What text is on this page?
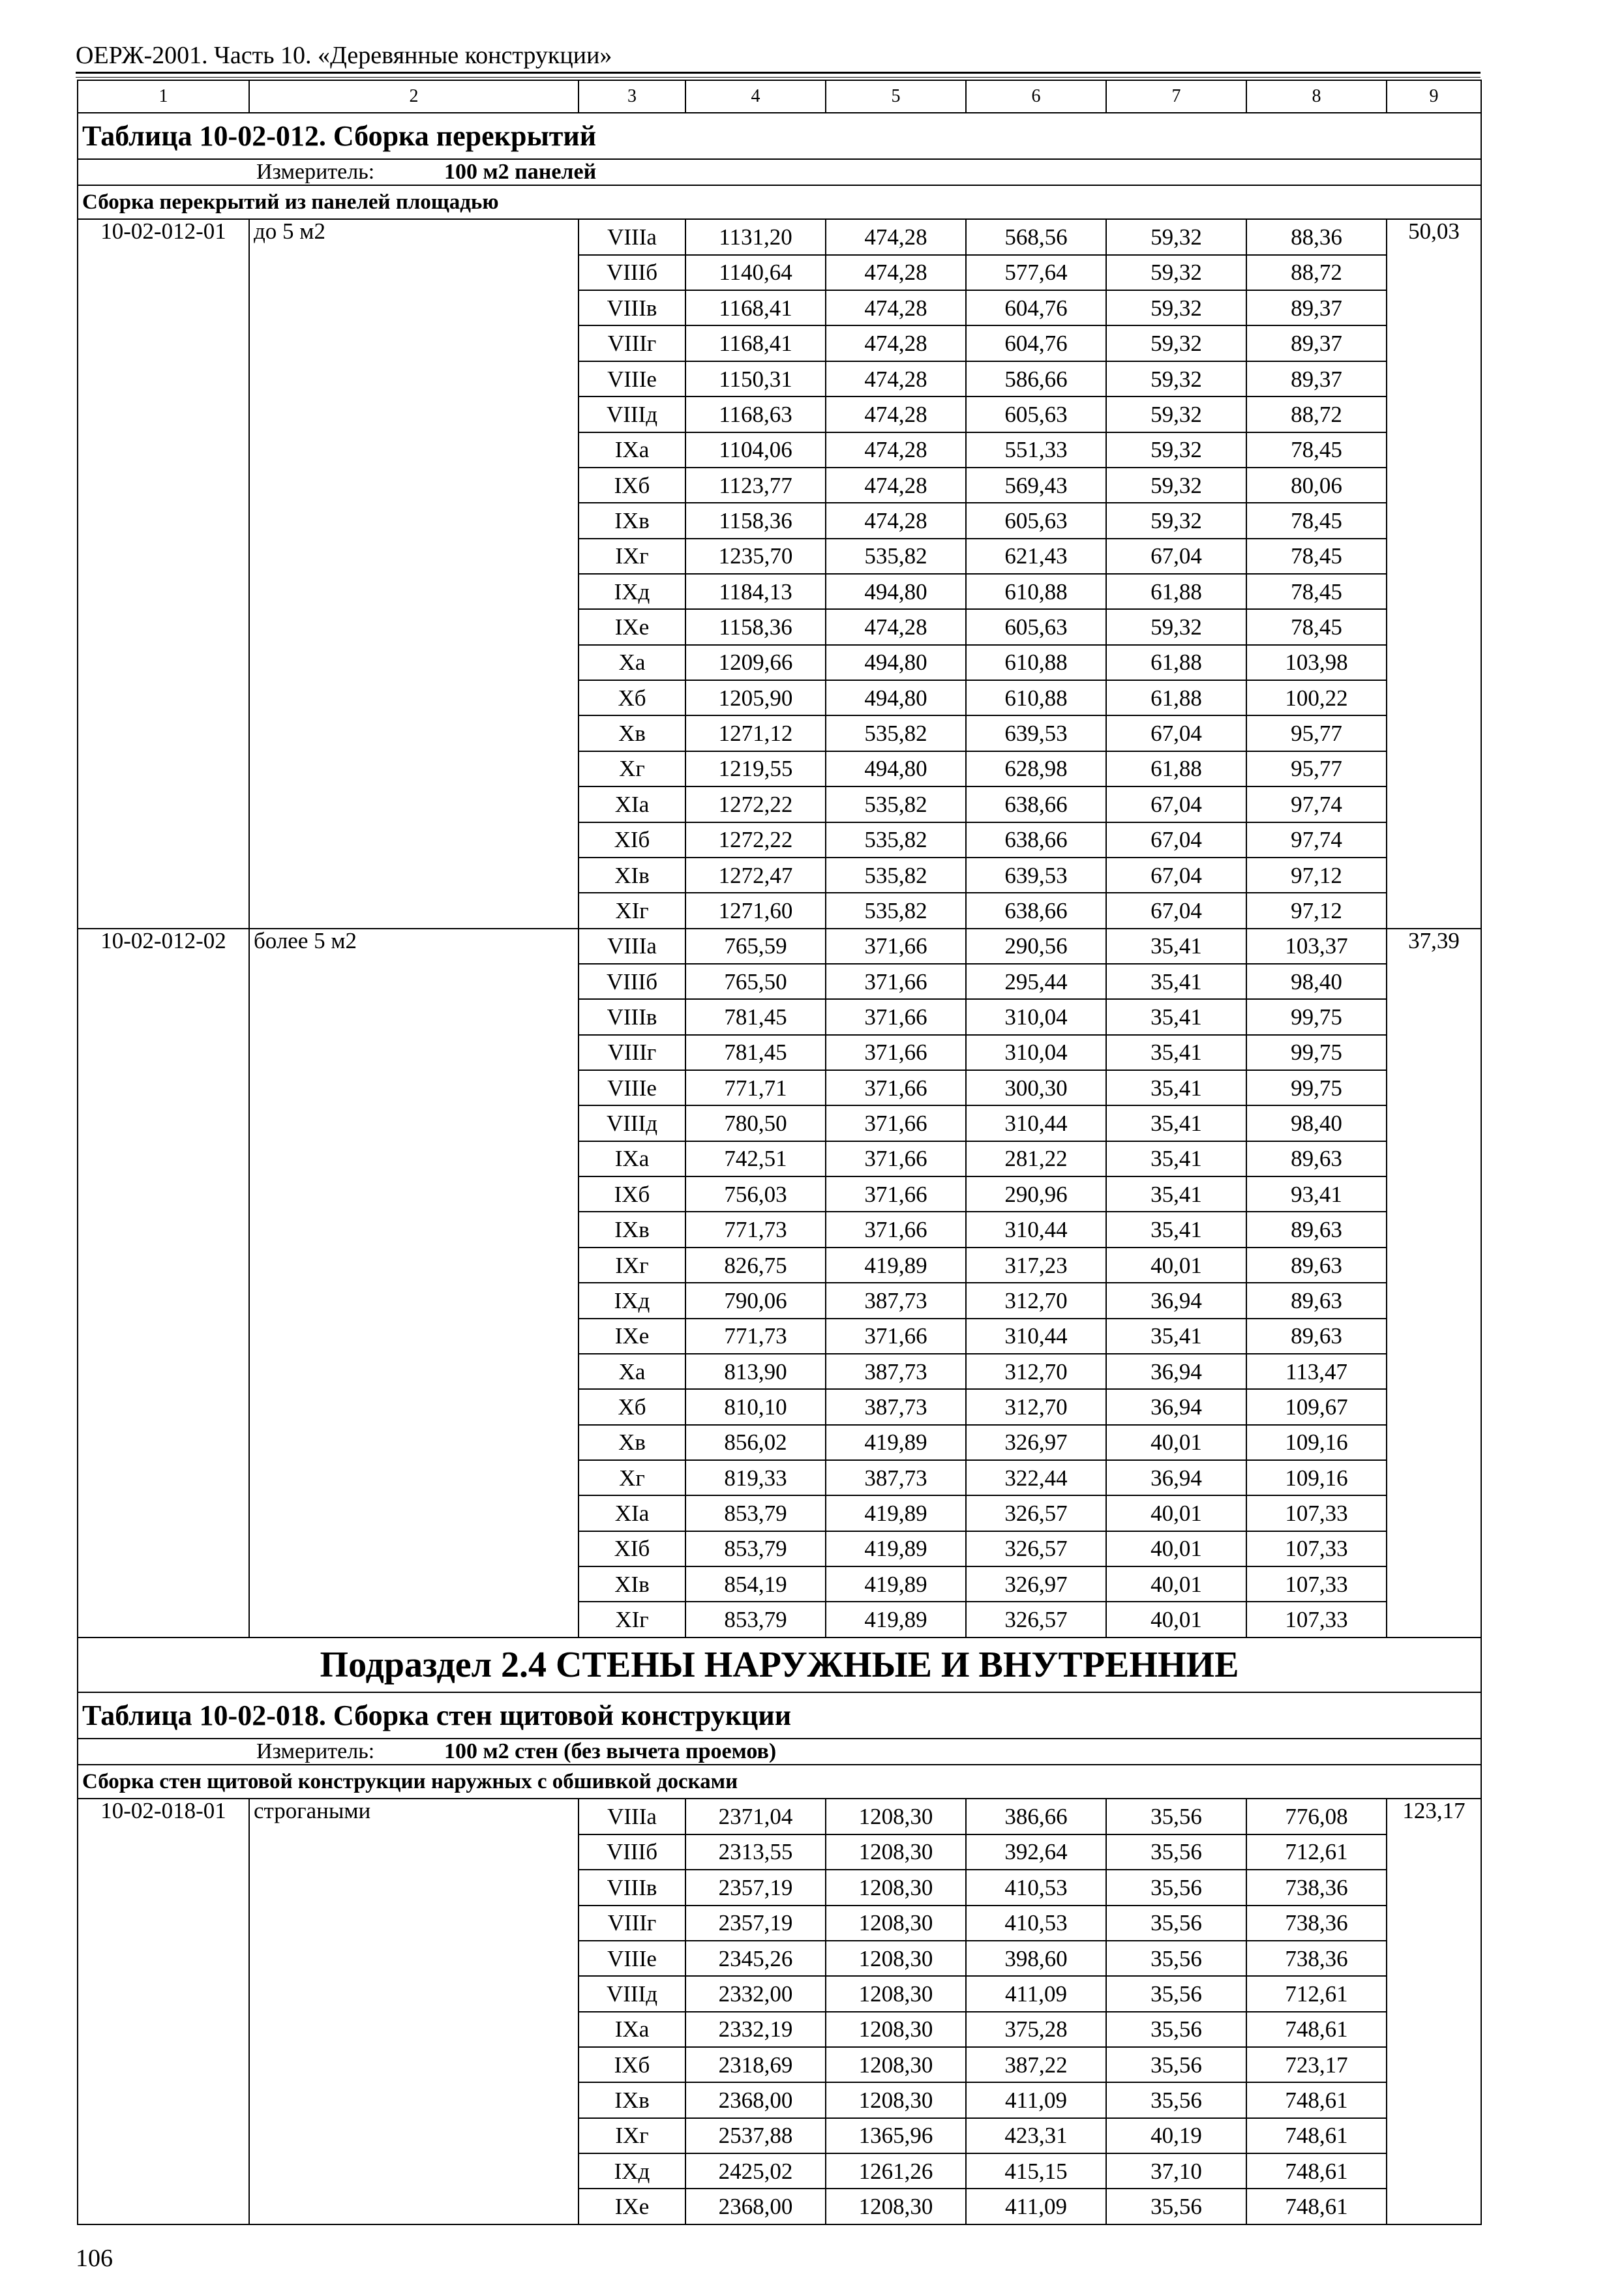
ОЕРЖ-2001. Часть 10. «Деревянные конструкции»
1	2	3	4	5	6	7	8	9
Таблица 10-02-012. Сборка перекрытий								
Измеритель: 100 м2 панелей								
Сборка перекрытий из панелей площадью								
10-02-012-01	до 5 м2	VIIIа	1131,20	474,28	568,56	59,32	88,36	50,03
		VIIIб	1140,64	474,28	577,64	59,32	88,72	
		VIIIв	1168,41	474,28	604,76	59,32	89,37	
		VIIIг	1168,41	474,28	604,76	59,32	89,37	
		VIIIе	1150,31	474,28	586,66	59,32	89,37	
		VIIIд	1168,63	474,28	605,63	59,32	88,72	
		IXа	1104,06	474,28	551,33	59,32	78,45	
		IXб	1123,77	474,28	569,43	59,32	80,06	
		IXв	1158,36	474,28	605,63	59,32	78,45	
		IXг	1235,70	535,82	621,43	67,04	78,45	
		IXд	1184,13	494,80	610,88	61,88	78,45	
		IXе	1158,36	474,28	605,63	59,32	78,45	
		Xа	1209,66	494,80	610,88	61,88	103,98	
		Xб	1205,90	494,80	610,88	61,88	100,22	
		Xв	1271,12	535,82	639,53	67,04	95,77	
		Xг	1219,55	494,80	628,98	61,88	95,77	
		XIа	1272,22	535,82	638,66	67,04	97,74	
		XIб	1272,22	535,82	638,66	67,04	97,74	
		XIв	1272,47	535,82	639,53	67,04	97,12	
		XIг	1271,60	535,82	638,66	67,04	97,12	
10-02-012-02	более 5 м2	VIIIа	765,59	371,66	290,56	35,41	103,37	37,39
		VIIIб	765,50	371,66	295,44	35,41	98,40	
		VIIIв	781,45	371,66	310,04	35,41	99,75	
		VIIIг	781,45	371,66	310,04	35,41	99,75	
		VIIIе	771,71	371,66	300,30	35,41	99,75	
		VIIIд	780,50	371,66	310,44	35,41	98,40	
		IXа	742,51	371,66	281,22	35,41	89,63	
		IXб	756,03	371,66	290,96	35,41	93,41	
		IXв	771,73	371,66	310,44	35,41	89,63	
		IXг	826,75	419,89	317,23	40,01	89,63	
		IXд	790,06	387,73	312,70	36,94	89,63	
		IXе	771,73	371,66	310,44	35,41	89,63	
		Xа	813,90	387,73	312,70	36,94	113,47	
		Xб	810,10	387,73	312,70	36,94	109,67	
		Xв	856,02	419,89	326,97	40,01	109,16	
		Xг	819,33	387,73	322,44	36,94	109,16	
		XIа	853,79	419,89	326,57	40,01	107,33	
		XIб	853,79	419,89	326,57	40,01	107,33	
		XIв	854,19	419,89	326,97	40,01	107,33	
		XIг	853,79	419,89	326,57	40,01	107,33	
Подраздел 2.4 СТЕНЫ НАРУЖНЫЕ И ВНУТРЕННИЕ								
Таблица 10-02-018. Сборка стен щитовой конструкции								
Измеритель: 100 м2 стен (без вычета проемов)								
Сборка стен щитовой конструкции наружных с обшивкой досками								
10-02-018-01	строгаными	VIIIа	2371,04	1208,30	386,66	35,56	776,08	123,17
		VIIIб	2313,55	1208,30	392,64	35,56	712,61	
		VIIIв	2357,19	1208,30	410,53	35,56	738,36	
		VIIIг	2357,19	1208,30	410,53	35,56	738,36	
		VIIIе	2345,26	1208,30	398,60	35,56	738,36	
		VIIIд	2332,00	1208,30	411,09	35,56	712,61	
		IXа	2332,19	1208,30	375,28	35,56	748,61	
		IXб	2318,69	1208,30	387,22	35,56	723,17	
		IXв	2368,00	1208,30	411,09	35,56	748,61	
		IXг	2537,88	1365,96	423,31	40,19	748,61	
		IXд	2425,02	1261,26	415,15	37,10	748,61	
		IXе	2368,00	1208,30	411,09	35,56	748,61	
106
